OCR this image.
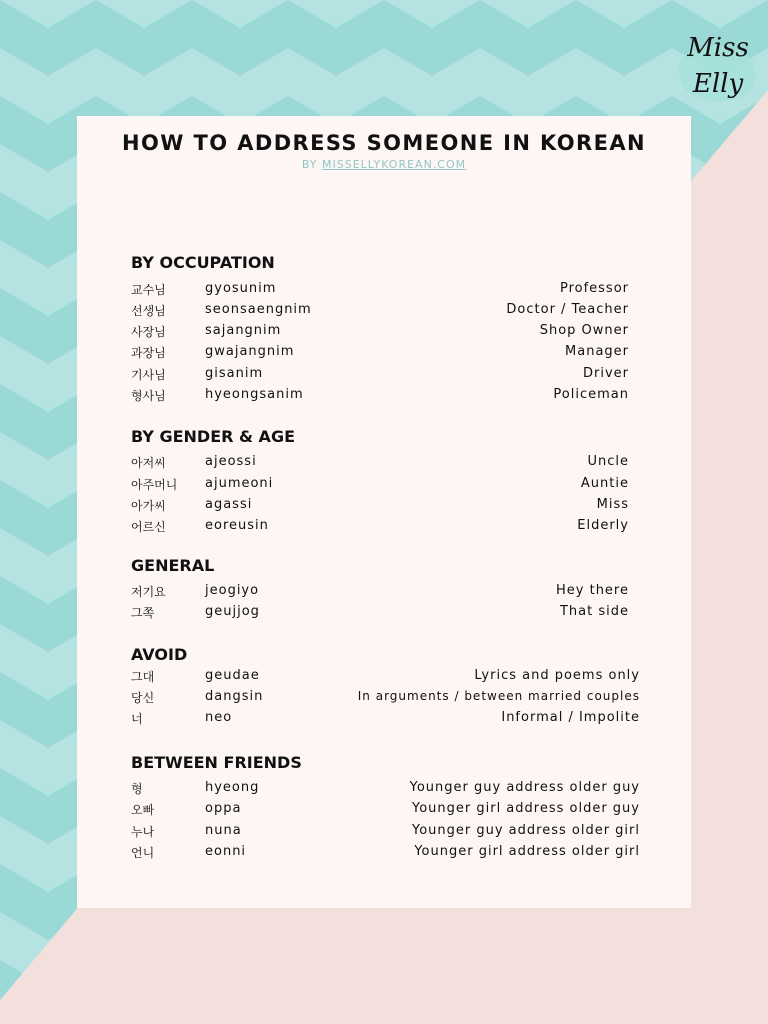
Miss
Elly
HOW TO ADDRESS SOMEONE IN KOREAN
BY MISSELLYKOREAN.COM
BY OCCUPATION
교수님	gyosunim	Professor
선생님	seonsaengnim	Doctor / Teacher
사장님	sajangnim	Shop Owner
과장님	gwajangnim	Manager
기사님	gisanim	Driver
형사님	hyeongsanim	Policeman
BY GENDER & AGE
아저씨	ajeossi	Uncle
아주머니	ajumeoni	Auntie
아가씨	agassi	Miss
어르신	eoreusin	Elderly
GENERAL
저기요	jeogiyo	Hey there
그쪽	geujjog	That side
AVOID
그대	geudae	Lyrics and poems only
당신	dangsin	In arguments / between married couples
너	neo	Informal / Impolite
BETWEEN FRIENDS
형	hyeong	Younger guy address older guy
오빠	oppa	Younger girl address older guy
누나	nuna	Younger guy address older girl
언니	eonni	Younger girl address older girl
